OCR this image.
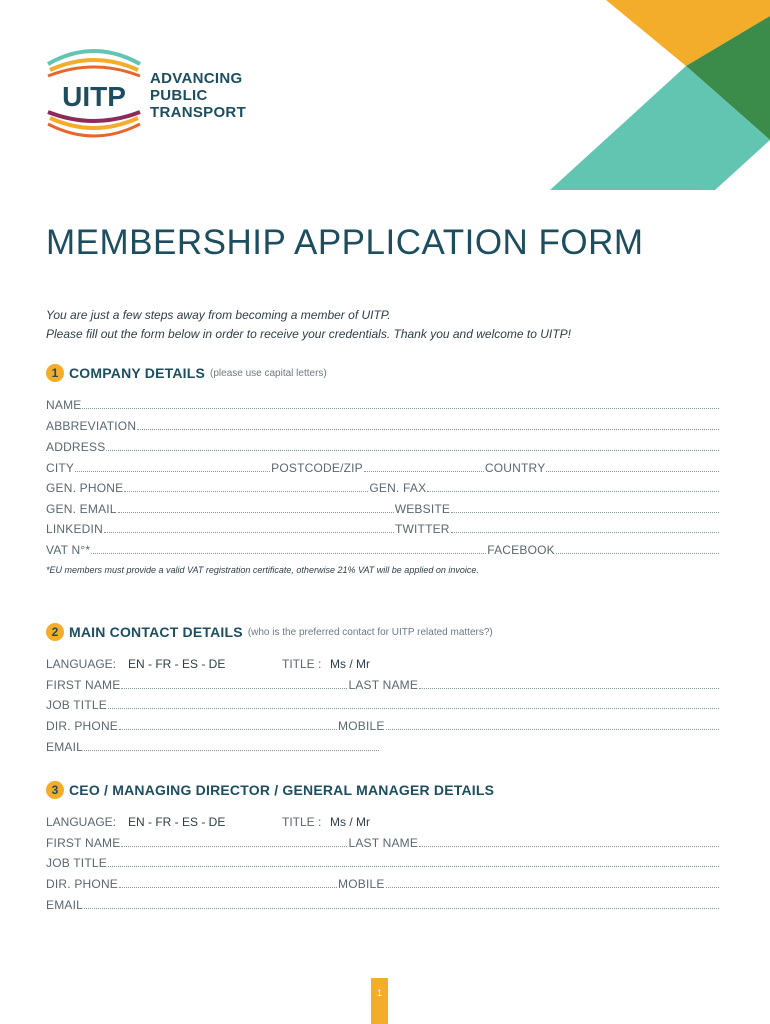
UITP
ADVANCING
PUBLIC
TRANSPORT
MEMBERSHIP APPLICATION FORM
You are just a few steps away from becoming a member of UITP.
Please fill out the form below in order to receive your credentials. Thank you and welcome to UITP!
1 COMPANY DETAILS (please use capital letters)
NAME
ABBREVIATION
ADDRESS
CITY	POSTCODE/ZIP	COUNTRY
GEN. PHONE	GEN. FAX
GEN. EMAIL	WEBSITE
LINKEDIN	TWITTER
VAT N°*	FACEBOOK
*EU members must provide a valid VAT registration certificate, otherwise 21% VAT will be applied on invoice.
2 MAIN CONTACT DETAILS (who is the preferred contact for UITP related matters?)
LANGUAGE: EN - FR - ES - DE	TITLE : Ms / Mr
FIRST NAME	LAST NAME
JOB TITLE
DIR. PHONE	MOBILE
EMAIL
3 CEO / MANAGING DIRECTOR / GENERAL MANAGER DETAILS
LANGUAGE: EN - FR - ES - DE	TITLE : Ms / Mr
FIRST NAME	LAST NAME
JOB TITLE
DIR. PHONE	MOBILE
EMAIL
1
